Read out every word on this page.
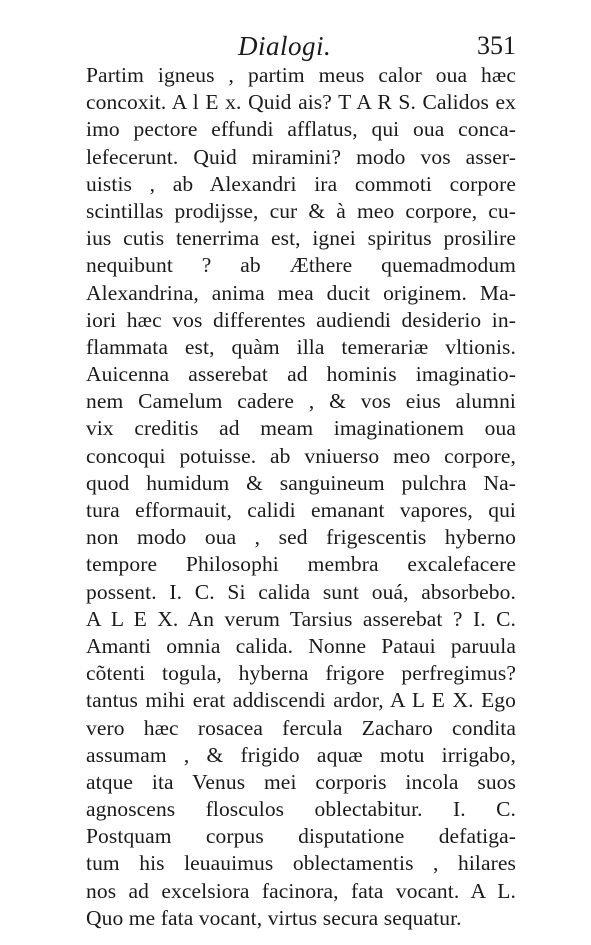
Dialogi.	351
Partim igneus , partim meus calor oua hæc
concoxit. A l E x. Quid ais? T A R S. Calidos ex
imo pectore effundi afflatus, qui oua conca-
lefecerunt. Quid miramini? modo vos asser-
uistis , ab Alexandri ira commoti corpore
scintillas prodijsse, cur & à meo corpore, cu-
ius cutis tenerrima est, ignei spiritus prosilire
nequibunt ? ab Æthere quemadmodum
Alexandrina, anima mea ducit originem. Ma-
iori hæc vos differentes audiendi desiderio in-
flammata est, quàm illa temerariæ vltionis.
Auicenna asserebat ad hominis imaginatio-
nem Camelum cadere , & vos eius alumni
vix creditis ad meam imaginationem oua
concoqui potuisse. ab vniuerso meo corpore,
quod humidum & sanguineum pulchra Na-
tura efformauit, calidi emanant vapores, qui
non modo oua , sed frigescentis hyberno
tempore Philosophi membra excalefacere
possent. I. C. Si calida sunt ouá, absorbebo.
A L E X. An verum Tarsius asserebat ? I. C.
Amanti omnia calida. Nonne Pataui paruula
cõtenti togula, hyberna frigore perfregimus?
tantus mihi erat addiscendi ardor, A L E X. Ego
vero hæc rosacea fercula Zacharo condita
assumam , & frigido aquæ motu irrigabo,
atque ita Venus mei corporis incola suos
agnoscens flosculos oblectabitur. I. C.
Postquam corpus disputatione defatiga-
tum his leuauimus oblectamentis , hilares
nos ad excelsiora facinora, fata vocant. A L.
Quo me fata vocant, virtus secura sequatur.
